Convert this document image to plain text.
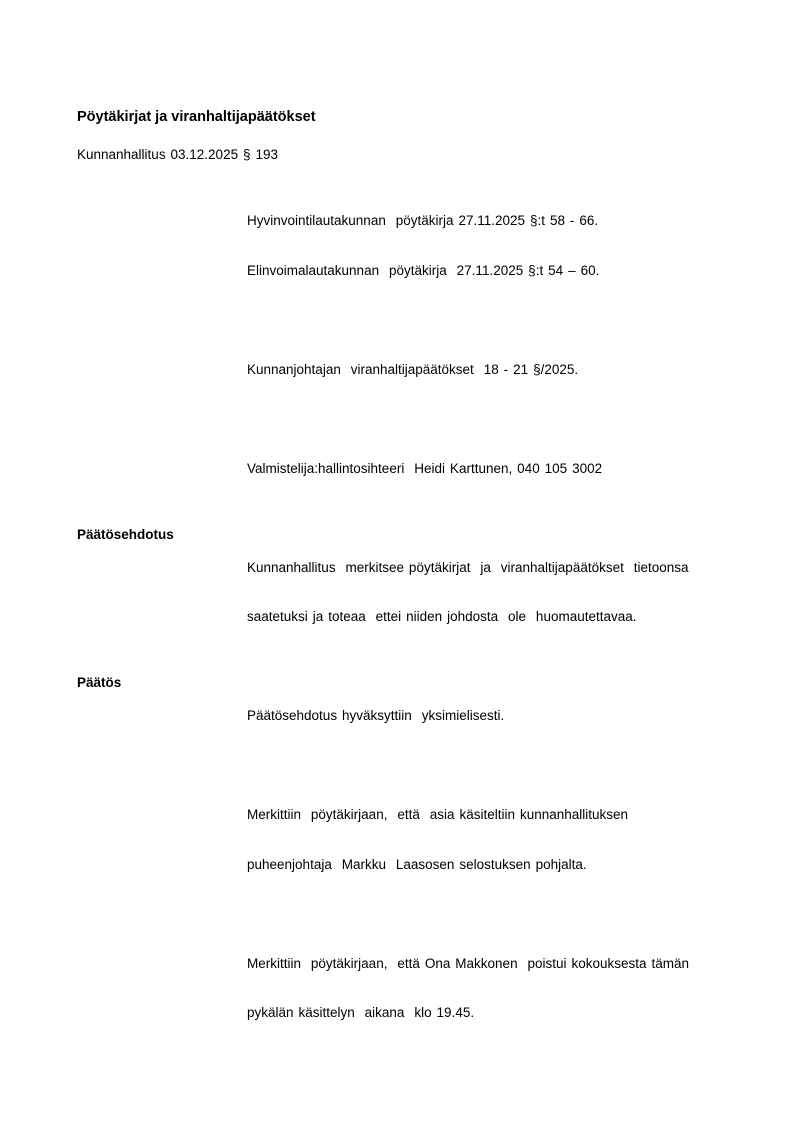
Pöytäkirjat ja viranhaltijapäätökset
Kunnanhallitus 03.12.2025 § 193

Hyvinvointilautakunnan  pöytäkirja 27.11.2025 §:t 58 - 66.

Elinvoimalautakunnan  pöytäkirja  27.11.2025 §:t 54 – 60.

Kunnanjohtajan  viranhaltijapäätökset  18 - 21 §/2025.

Valmistelija:hallintosihteeri  Heidi Karttunen, 040 105 3002

Päätösehdotus

Kunnanhallitus  merkitsee pöytäkirjat  ja  viranhaltijapäätökset  tietoonsa

saatetuksi ja toteaa  ettei niiden johdosta  ole  huomautettavaa.

Päätös

Päätösehdotus hyväksyttiin  yksimielisesti.

Merkittiin  pöytäkirjaan,  että  asia käsiteltiin kunnanhallituksen

puheenjohtaja  Markku  Laasosen selostuksen pohjalta.

Merkittiin  pöytäkirjaan,  että Ona Makkonen  poistui kokouksesta tämän

pykälän käsittelyn  aikana  klo 19.45.
